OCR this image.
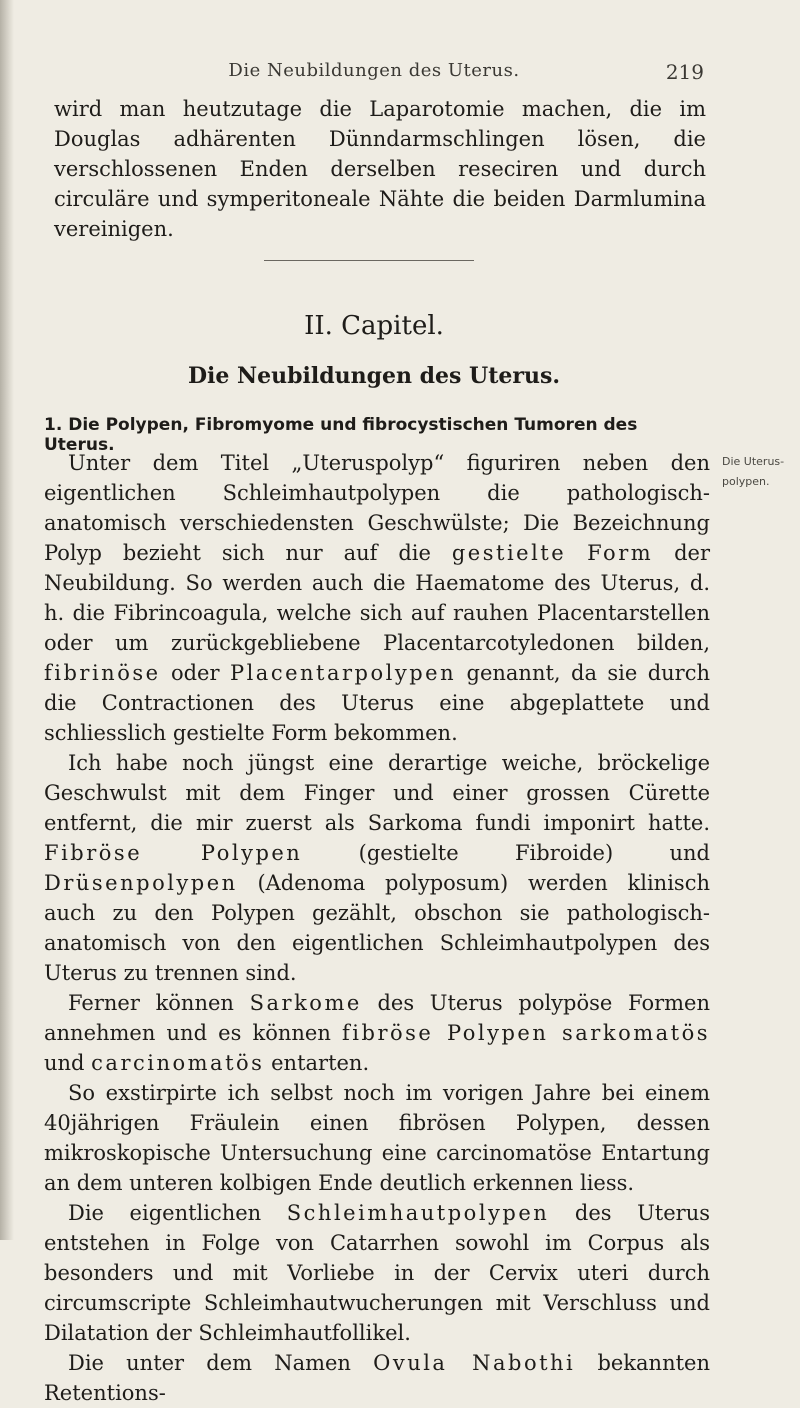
Die Neubildungen des Uterus.	219

wird man heutzutage die Laparotomie machen, die im Douglas adhärenten Dünndarmschlingen lösen, die verschlossenen Enden derselben reseciren und durch circuläre und symperitoneale Nähte die beiden Darmlumina vereinigen.

II. Capitel.
Die Neubildungen des Uterus.
1. Die Polypen, Fibromyome und fibrocystischen Tumoren des Uterus.

Unter dem Titel „Uteruspolyp“ figuriren neben den eigentlichen Schleimhautpolypen die pathologisch-anatomisch verschiedensten Geschwülste; Die Bezeichnung Polyp bezieht sich nur auf die gestielte Form der Neubildung. So werden auch die Haematome des Uterus, d. h. die Fibrincoagula, welche sich auf rauhen Placentarstellen oder um zurückgebliebene Placentarcotyledonen bilden, fibrinöse oder Placentarpolypen genannt, da sie durch die Contractionen des Uterus eine abgeplattete und schliesslich gestielte Form bekommen.

Ich habe noch jüngst eine derartige weiche, bröckelige Geschwulst mit dem Finger und einer grossen Cürette entfernt, die mir zuerst als Sarkoma fundi imponirt hatte. Fibröse Polypen (gestielte Fibroide) und Drüsenpolypen (Adenoma polyposum) werden klinisch auch zu den Polypen gezählt, obschon sie pathologisch-anatomisch von den eigentlichen Schleimhautpolypen des Uterus zu trennen sind.

Ferner können Sarkome des Uterus polypöse Formen annehmen und es können fibröse Polypen sarkomatös und carcinomatös entarten.

So exstirpirte ich selbst noch im vorigen Jahre bei einem 40jährigen Fräulein einen fibrösen Polypen, dessen mikroskopische Untersuchung eine carcinomatöse Entartung an dem unteren kolbigen Ende deutlich erkennen liess.

Die eigentlichen Schleimhautpolypen des Uterus entstehen in Folge von Catarrhen sowohl im Corpus als besonders und mit Vorliebe in der Cervix uteri durch circumscripte Schleimhautwucherungen mit Verschluss und Dilatation der Schleimhautfollikel.

Die unter dem Namen Ovula Nabothi bekannten Retentions-

Die Uterus-
polypen.
